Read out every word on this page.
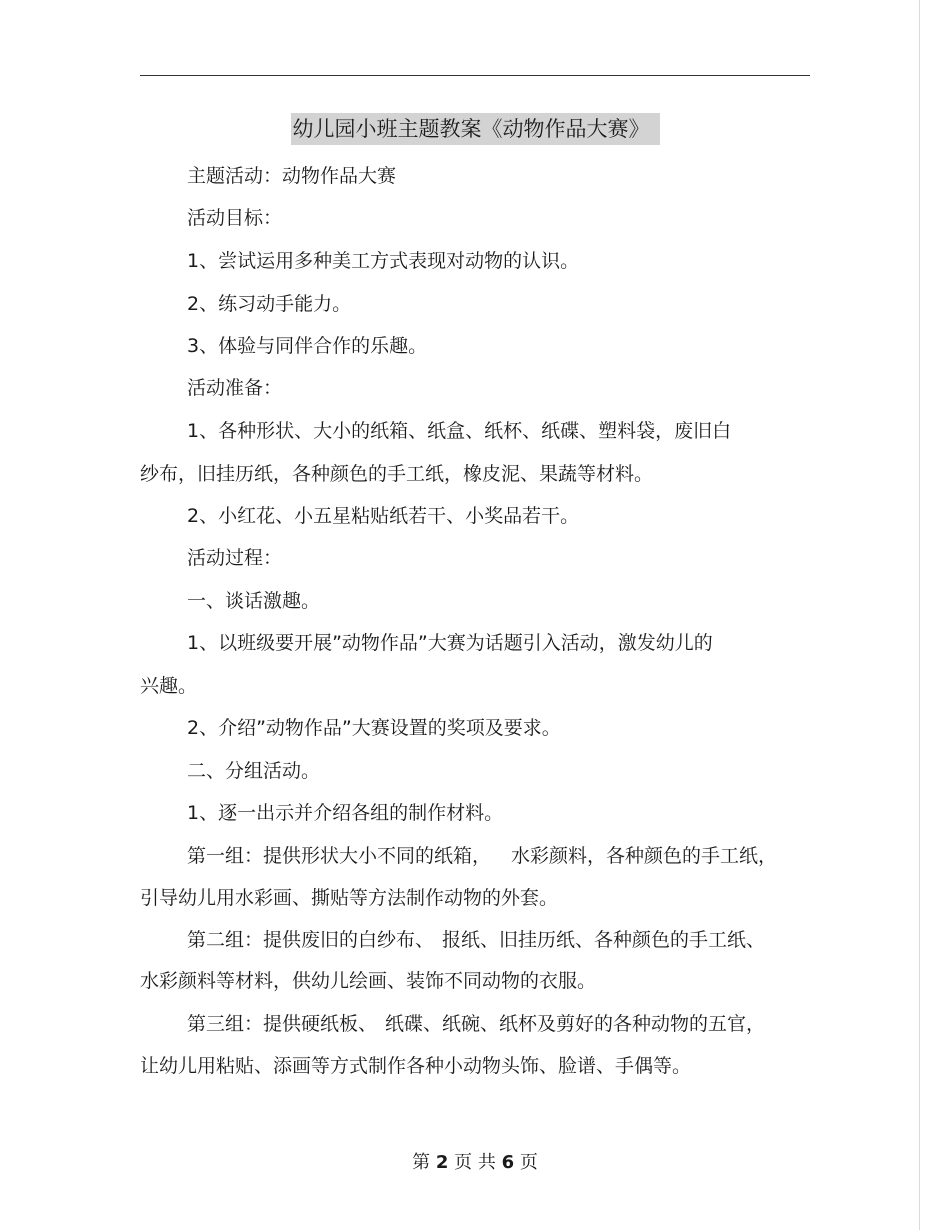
幼儿园小班主题教案《动物作品大赛》
主题活动：动物作品大赛
活动目标：
1、尝试运用多种美工方式表现对动物的认识。
2、练习动手能力。
3、体验与同伴合作的乐趣。
活动准备：
1、各种形状、大小的纸箱、纸盒、纸杯、纸碟、塑料袋，废旧白
纱布，旧挂历纸，各种颜色的手工纸，橡皮泥、果蔬等材料。
2、小红花、小五星粘贴纸若干、小奖品若干。
活动过程：
一、谈话激趣。
1、以班级要开展”动物作品”大赛为话题引入活动，激发幼儿的
兴趣。
2、介绍”动物作品”大赛设置的奖项及要求。
二、分组活动。
1、逐一出示并介绍各组的制作材料。
第一组：提供形状大小不同的纸箱， 水彩颜料，各种颜色的手工纸，
引导幼儿用水彩画、撕贴等方法制作动物的外套。
第二组：提供废旧的白纱布、 报纸、旧挂历纸、各种颜色的手工纸、
水彩颜料等材料，供幼儿绘画、装饰不同动物的衣服。
第三组：提供硬纸板、 纸碟、纸碗、纸杯及剪好的各种动物的五官，
让幼儿用粘贴、添画等方式制作各种小动物头饰、脸谱、手偶等。
第 2 页 共 6 页
